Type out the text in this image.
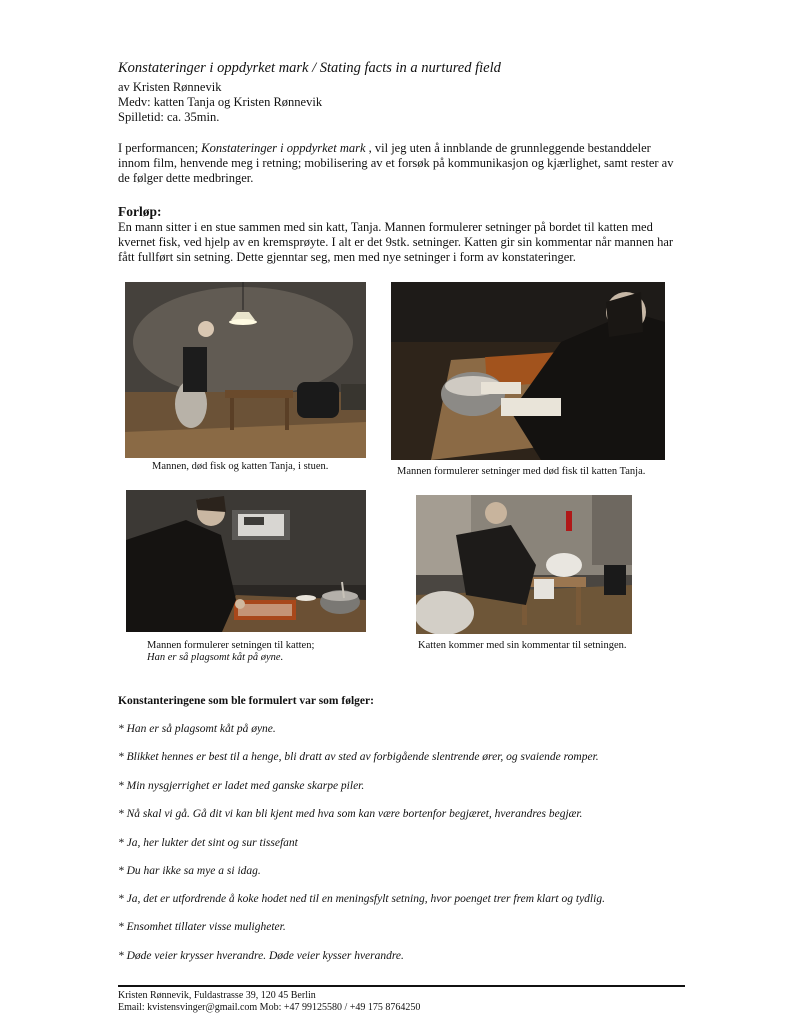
Konstateringer i oppdyrket mark / Stating facts in a nurtured field
av Kristen Rønnevik
Medv: katten Tanja og Kristen Rønnevik
Spilletid: ca. 35min.
I performancen; Konstateringer i oppdyrket mark , vil jeg uten å innblande de grunnleggende bestanddeler innom film, henvende meg i retning; mobilisering av et forsøk på kommunikasjon og kjærlighet, samt rester av de følger dette medbringer.
Forløp:
En mann sitter i en stue sammen med sin katt, Tanja. Mannen formulerer setninger på bordet til katten med kvernet fisk, ved hjelp av en kremsprøyte. I alt er det 9stk. setninger. Katten gir sin kommentar når mannen har fått fullført sin setning. Dette gjenntar seg, men med nye setninger i form av konstateringer.
Mannen, død fisk og katten Tanja, i stuen.	Mannen formulerer setninger med død fisk til katten Tanja.
Mannen formulerer setningen til katten;
Han er så plagsomt kåt på øyne.
Katten kommer med sin kommentar til setningen.
Konstanteringene som ble formulert var som følger:
* Han er så plagsomt kåt på øyne.
* Blikket hennes er best til a henge, bli dratt av sted av forbigående slentrende ører, og svaiende romper.
* Min nysgjerrighet er ladet med ganske skarpe piler.
* Nå skal vi gå. Gå dit vi kan bli kjent med hva som kan være bortenfor begjæret, hverandres begjær.
* Ja, her lukter det sint og sur tissefant
* Du har ikke sa mye a si idag.
* Ja, det er utfordrende å koke hodet ned til en meningsfylt setning, hvor poenget trer frem klart og tydlig.
* Ensomhet tillater visse muligheter.
* Døde veier krysser hverandre. Døde veier kysser hverandre.
Kristen Rønnevik, Fuldastrasse 39, 120 45 Berlin
Email: kvistensvinger@gmail.com Mob: +47 99125580 / +49 175 8764250
